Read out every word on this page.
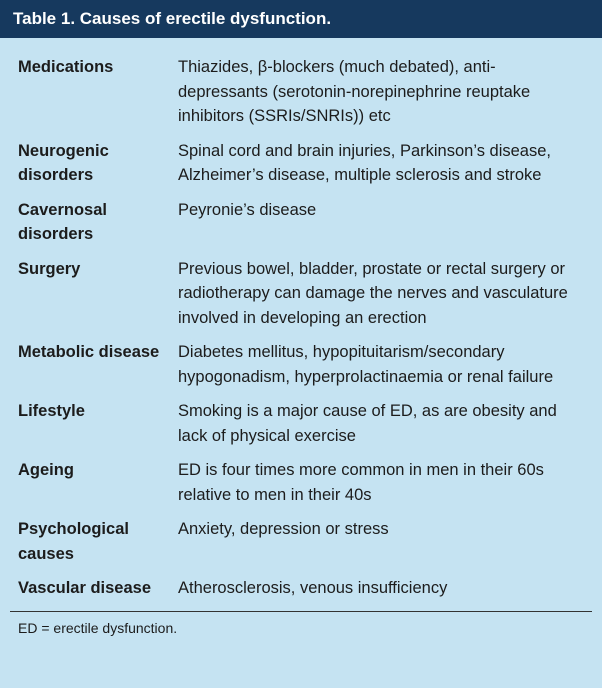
Table 1. Causes of erectile dysfunction.
Medications	Thiazides, β-blockers (much debated), anti-depressants (serotonin-norepinephrine reuptake inhibitors (SSRIs/SNRIs)) etc
Neurogenic disorders	Spinal cord and brain injuries, Parkinson’s disease, Alzheimer’s disease, multiple sclerosis and stroke
Cavernosal disorders	Peyronie’s disease
Surgery	Previous bowel, bladder, prostate or rectal surgery or radiotherapy can damage the nerves and vasculature involved in developing an erection
Metabolic disease	Diabetes mellitus, hypopituitarism/secondary hypogonadism, hyperprolactinaemia or renal failure
Lifestyle	Smoking is a major cause of ED, as are obesity and lack of physical exercise
Ageing	ED is four times more common in men in their 60s relative to men in their 40s
Psychological causes	Anxiety, depression or stress
Vascular disease	Atherosclerosis, venous insufficiency
ED = erectile dysfunction.
